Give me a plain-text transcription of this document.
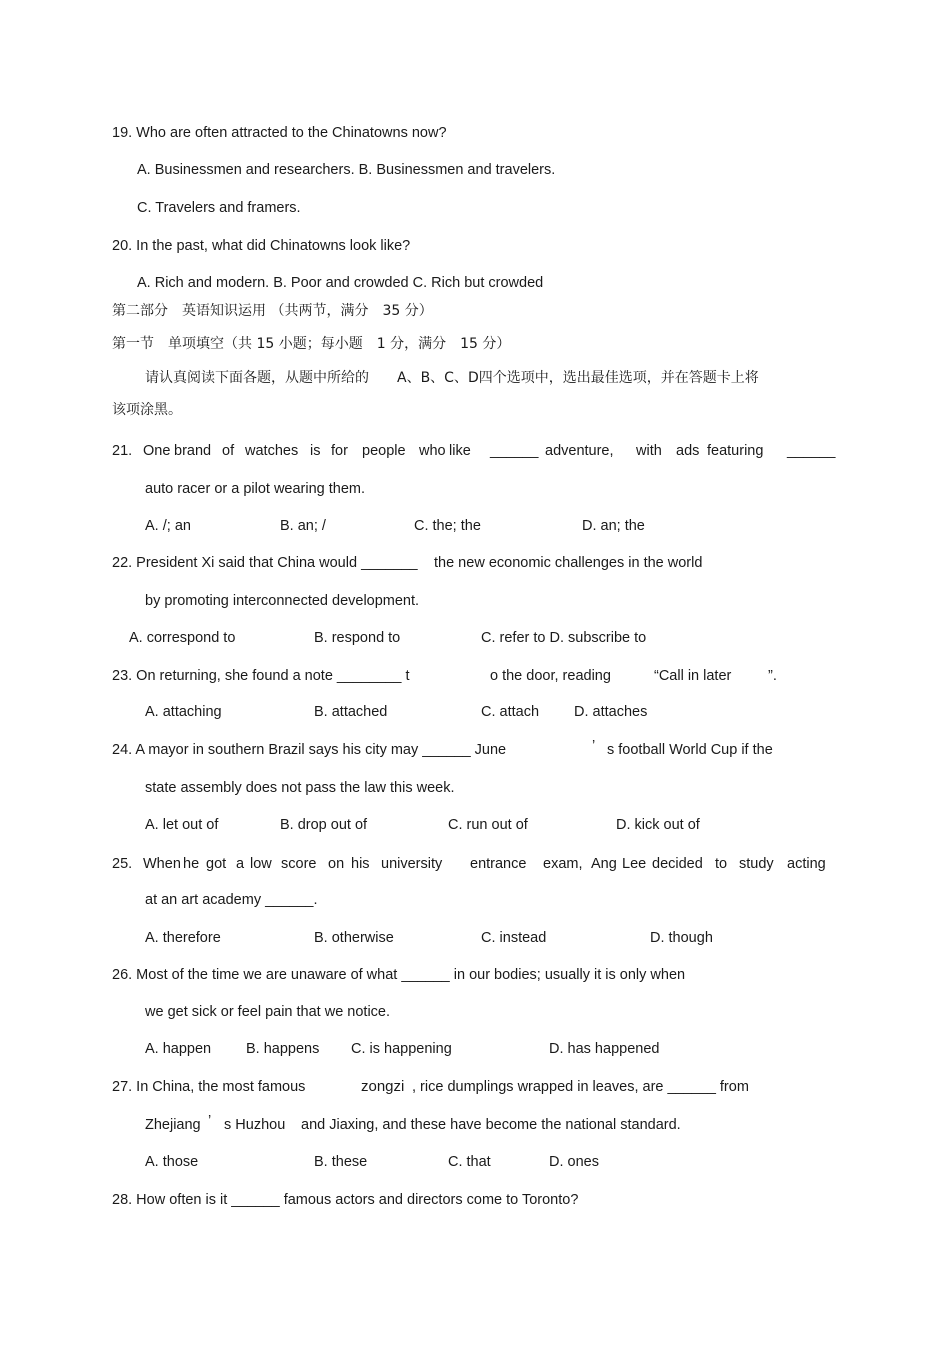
19. Who are often attracted to the Chinatowns now?
A. Businessmen and researchers. B. Businessmen and travelers.
C. Travelers and framers.
20. In the past, what did Chinatowns look like?
A. Rich and modern. B. Poor and crowded C. Rich but crowded
第二部分　英语知识运用 （共两节，满分　35 分）
第一节　单项填空（共 15 小题；每小题　1 分，满分　15 分）
请认真阅读下面各题，从题中所给的　　A、B、C、D四个选项中，选出最佳选项，并在答题卡上将
该项涂黑。
21. One brand of watches is for people who like ______ adventure, with ads featuring ______
auto racer or a pilot wearing them.
A. /; an	B. an; /	C. the; the	D. an; the
22. President Xi said that China would _______ the new economic challenges in the world
by promoting interconnected development.
A. correspond to	B. respond to	C. refer to D. subscribe to
23. On returning, she found a note ________ t	o the door, reading	“Call in later	”.
A. attaching	B. attached	C. attach D. attaches
24. A mayor in southern Brazil says his city may ______ June	’ s football World Cup if the
state assembly does not pass the law this week.
A. let out of	B. drop out of	C. run out of	D. kick out of
25. When he got a low score on his university entrance exam, Ang Lee decided to study acting
at an art academy ______.
A. therefore	B. otherwise	C. instead	D. though
26. Most of the time we are unaware of what ______ in our bodies; usually it is only when
we get sick or feel pain that we notice.
A. happen B. happens C. is happening	D. has happened
27. In China, the most famous	zongzi , rice dumplings wrapped in leaves, are ______ from
Zhejiang ’ s Huzhou and Jiaxing, and these have become the national standard.
A. those	B. these	C. that	D. ones
28. How often is it ______ famous actors and directors come to Toronto?
